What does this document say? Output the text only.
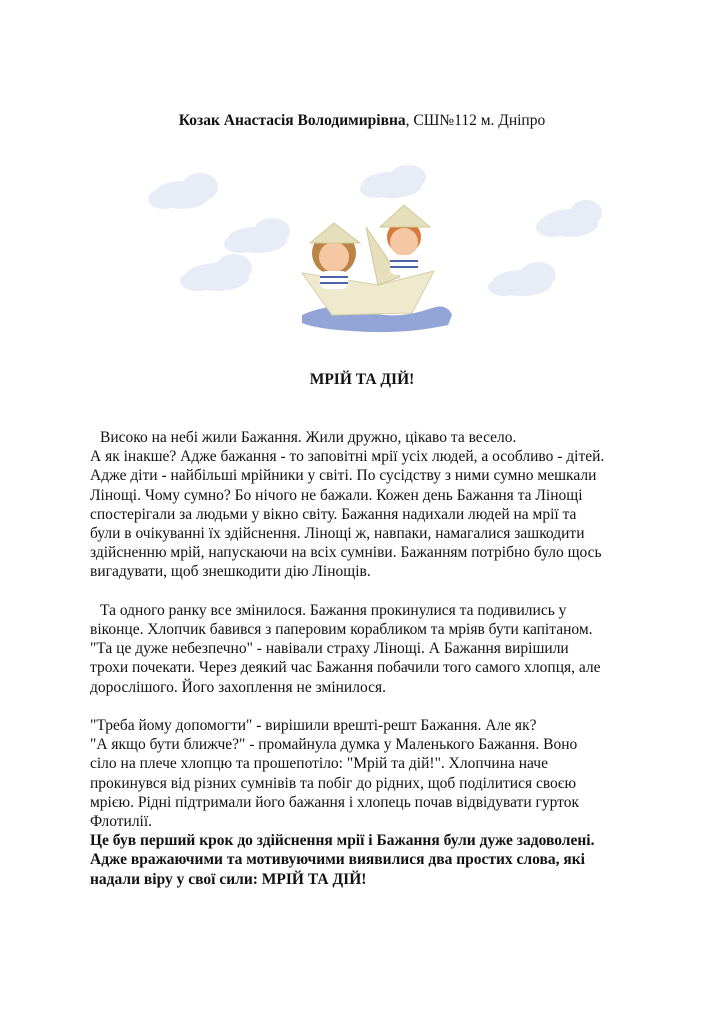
Козак Анастасія Володимирівна, СШ№112 м. Дніпро
МРІЙ ТА ДІЙ!
Високо на небі жили Бажання. Жили дружно, цікаво та весело.
А як інакше? Адже бажання - то заповітні мрії усіх людей, а особливо - дітей.
Адже діти - найбільші мрійники у світі. По сусідству з ними сумно мешкали
Лінощі. Чому сумно? Бо нічого не бажали. Кожен день Бажання та Лінощі
спостерігали за людьми у вікно світу. Бажання надихали людей на мрії та
були в очікуванні їх здійснення. Лінощі ж, навпаки, намагалися зашкодити
здійсненню мрій, напускаючи на всіх сумніви. Бажанням потрібно було щось
вигадувати, щоб знешкодити дію Лінощів.
Та одного ранку все змінилося. Бажання прокинулися та подивились у
віконце. Хлопчик бавився з паперовим корабликом та мріяв бути капітаном.
"Та це дуже небезпечно" - навівали страху Лінощі. А Бажання вирішили
трохи почекати. Через деякий час Бажання побачили того самого хлопця, але
дорослішого. Його захоплення не змінилося.
"Треба йому допомогти" - вирішили врешті-решт Бажання. Але як?
"А якщо бути ближче?" - промайнула думка у Маленького Бажання. Воно
сіло на плече хлопцю та прошепотіло: "Мрій та дій!". Хлопчина наче
прокинувся від різних сумнівів та побіг до рідних, щоб поділитися своєю
мрією. Рідні підтримали його бажання і хлопець почав відвідувати гурток
Флотилії.
Це був перший крок до здійснення мрії і Бажання були дуже задоволені.
Адже вражаючими та мотивуючими виявилися два простих слова, які
надали віру у свої сили: МРІЙ ТА ДІЙ!
